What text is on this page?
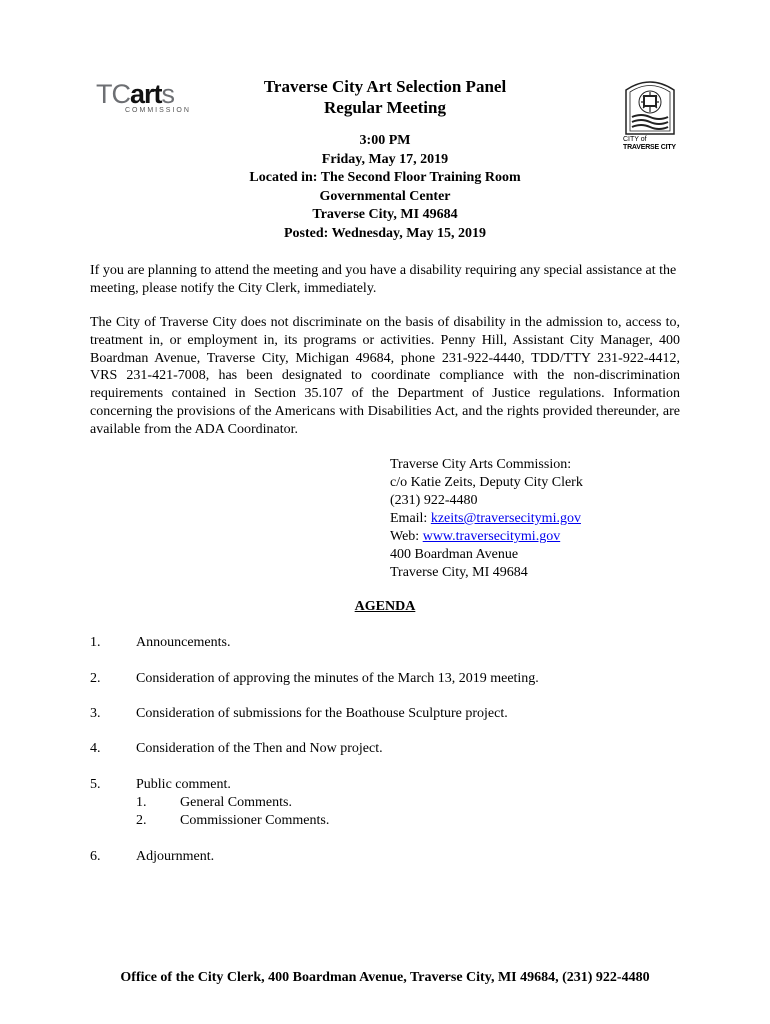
TCarts
COMMISSION
CITY of
TRAVERSE CITY
Traverse City Art Selection Panel
Regular Meeting
3:00 PM
Friday, May 17, 2019
Located in: The Second Floor Training Room
Governmental Center
Traverse City, MI 49684
Posted: Wednesday, May 15, 2019
If you are planning to attend the meeting and you have a disability requiring any special assistance at the meeting, please notify the City Clerk, immediately.
The City of Traverse City does not discriminate on the basis of disability in the admission to, access to, treatment in, or employment in, its programs or activities. Penny Hill, Assistant City Manager, 400 Boardman Avenue, Traverse City, Michigan 49684, phone 231-922-4440, TDD/TTY 231-922-4412, VRS 231-421-7008, has been designated to coordinate compliance with the non-discrimination requirements contained in Section 35.107 of the Department of Justice regulations. Information concerning the provisions of the Americans with Disabilities Act, and the rights provided thereunder, are available from the ADA Coordinator.
Traverse City Arts Commission:
c/o Katie Zeits, Deputy City Clerk
(231) 922-4480
Email: kzeits@traversecitymi.gov
Web: www.traversecitymi.gov
400 Boardman Avenue
Traverse City, MI 49684
AGENDA
1.	Announcements.
2.	Consideration of approving the minutes of the March 13, 2019 meeting.
3.	Consideration of submissions for the Boathouse Sculpture project.
4.	Consideration of the Then and Now project.
5.	Public comment.
1. General Comments.
2. Commissioner Comments.
6.	Adjournment.
Office of the City Clerk, 400 Boardman Avenue, Traverse City, MI 49684, (231) 922-4480
